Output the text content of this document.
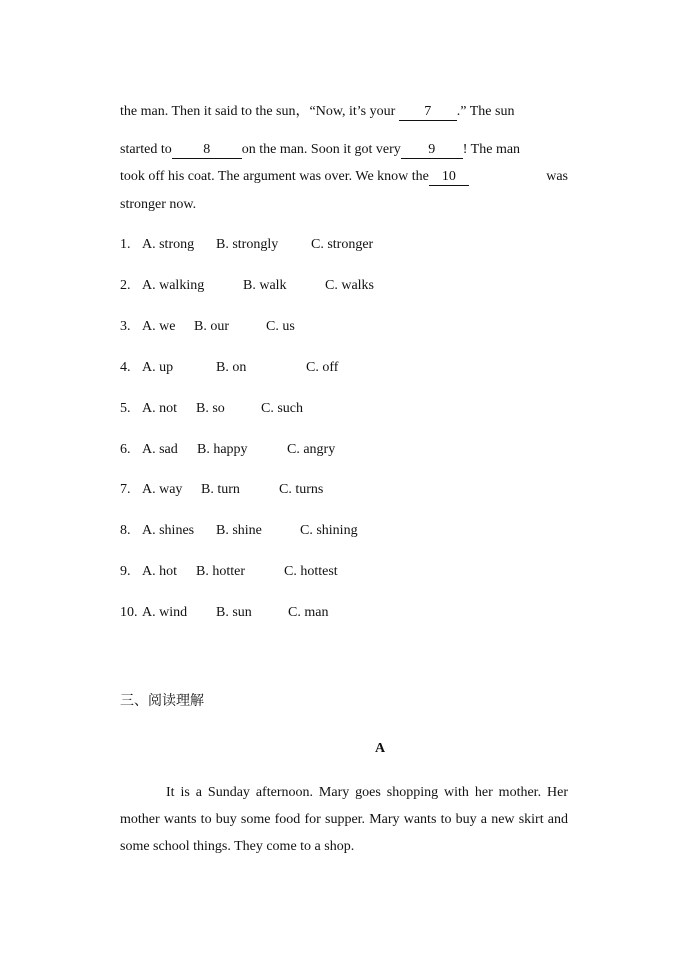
the man. Then it said to the sun，“Now, it’s your 7 .” The sun
started to 8 on the man. Soon it got very 9 ! The man
took off his coat. The argument was over. We know the 10	was
stronger now.
1. A. strong B. strongly C. stronger
2. A. walking	B. walk	C. walks
3. A. we B. our	C. us
4. A. up	B. on	C. off
5. A. not B. so	C. such
6. A. sad B. happy	C. angry
7. A. way B. turn	C. turns
8. A. shines B. shine	C. shining
9. A. hot B. hotter	C. hottest
10. A. wind B. sun	C. man
三、阅读理解
A
It is a Sunday afternoon. Mary goes shopping with her mother. Her mother wants to buy some food for supper. Mary wants to buy a new skirt and some school things. They come to a shop.
